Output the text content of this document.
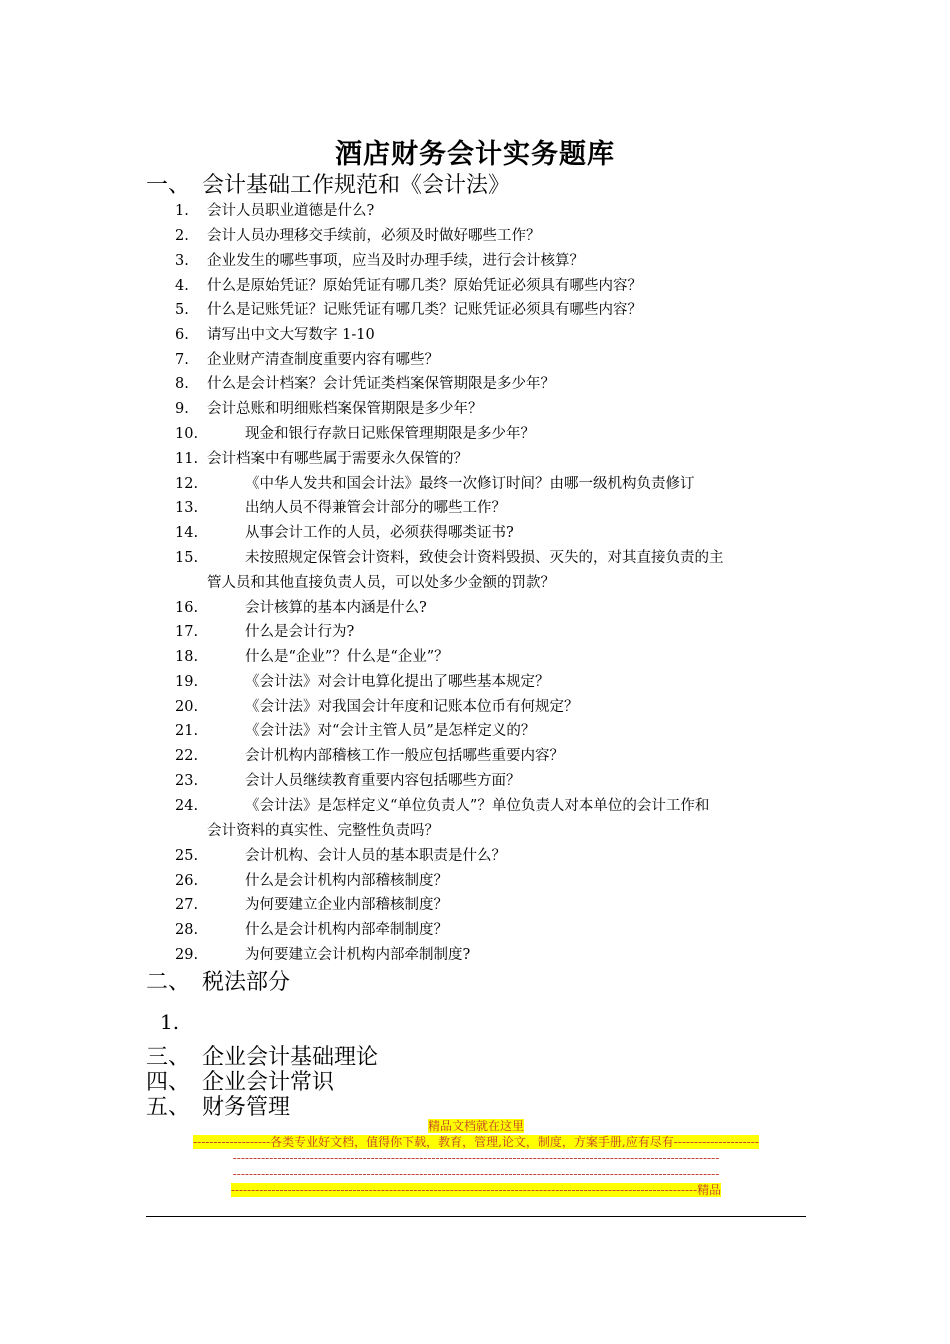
酒店财务会计实务题库
一、 会计基础工作规范和《会计法》
1. 会计人员职业道德是什么?
2. 会计人员办理移交手续前，必须及时做好哪些工作？
3. 企业发生的哪些事项，应当及时办理手续，进行会计核算？
4. 什么是原始凭证？原始凭证有哪几类？原始凭证必须具有哪些内容？
5. 什么是记账凭证？记账凭证有哪几类？记账凭证必须具有哪些内容？
6. 请写出中文大写数字 1-10
7. 企业财产清查制度重要内容有哪些？
8. 什么是会计档案？会计凭证类档案保管期限是多少年？
9. 会计总账和明细账档案保管期限是多少年？
10.	现金和银行存款日记账保管理期限是多少年？
11. 会计档案中有哪些属于需要永久保管的？
12.	《中华人发共和国会计法》最终一次修订时间？由哪一级机构负责修订
13.	出纳人员不得兼管会计部分的哪些工作？
14.	从事会计工作的人员，必须获得哪类证书?
15.	未按照规定保管会计资料，致使会计资料毁损、灭失的，对其直接负责的主
管人员和其他直接负责人员，可以处多少金额的罚款？
16.	会计核算的基本内涵是什么?
17.	什么是会计行为?
18.	什么是“企业”？什么是“企业”？
19.	《会计法》对会计电算化提出了哪些基本规定？
20.	《会计法》对我国会计年度和记账本位币有何规定？
21.	《会计法》对“会计主管人员”是怎样定义的？
22.	会计机构内部稽核工作一般应包括哪些重要内容？
23.	会计人员继续教育重要内容包括哪些方面？
24.	《会计法》是怎样定义“单位负责人”？单位负责人对本单位的会计工作和
会计资料的真实性、完整性负责吗？
25.	会计机构、会计人员的基本职责是什么？
26.	什么是会计机构内部稽核制度？
27.	为何要建立企业内部稽核制度？
28.	什么是会计机构内部牵制制度？
29.	为何要建立会计机构内部牵制制度?
二、 税法部分
1.
三、 企业会计基础理论
四、 企业会计常识
五、 财务管理
精品文档就在这里
-------------------各类专业好文档，值得你下载，教育，管理,论文，制度，方案手册,应有尽有---------------------
------------------------------------------------------------------------------------------------------------------------
------------------------------------------------------------------------------------------------------------------------
-------------------------------------------------------------------------------------------------------------------精品
